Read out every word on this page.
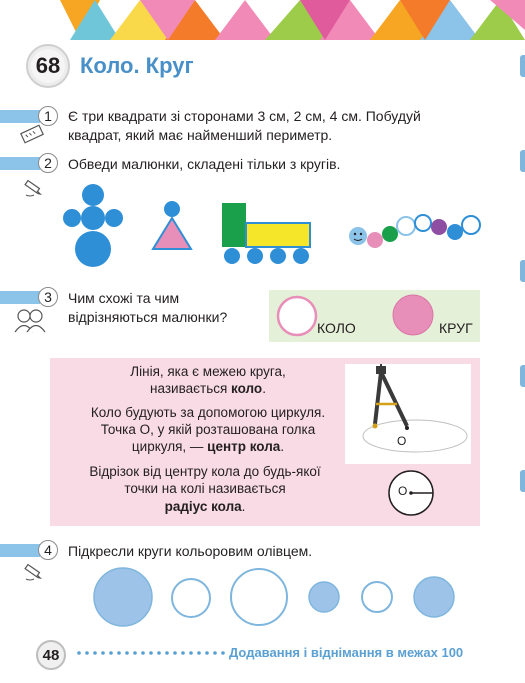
68 Коло. Круг
1	Є три квадрати зі сторонами 3 см, 2 см, 4 см. Побудуй
квадрат, який має найменший периметр.
2	Обведи малюнки, складені тільки з кругів.
3	Чим схожі та чим
відрізняються малюнки?
КОЛО	КРУГ
Лінія, яка є межею круга,
називається коло.
Коло будують за допомогою циркуля.
Точка О, у якій розташована голка
циркуля, — центр кола.
Відрізок від центру кола до будь-якої
точки на колі називається
радіус кола.
O
O
4	Підкресли круги кольоровим олівцем.
48	Додавання і віднімання в межах 100
